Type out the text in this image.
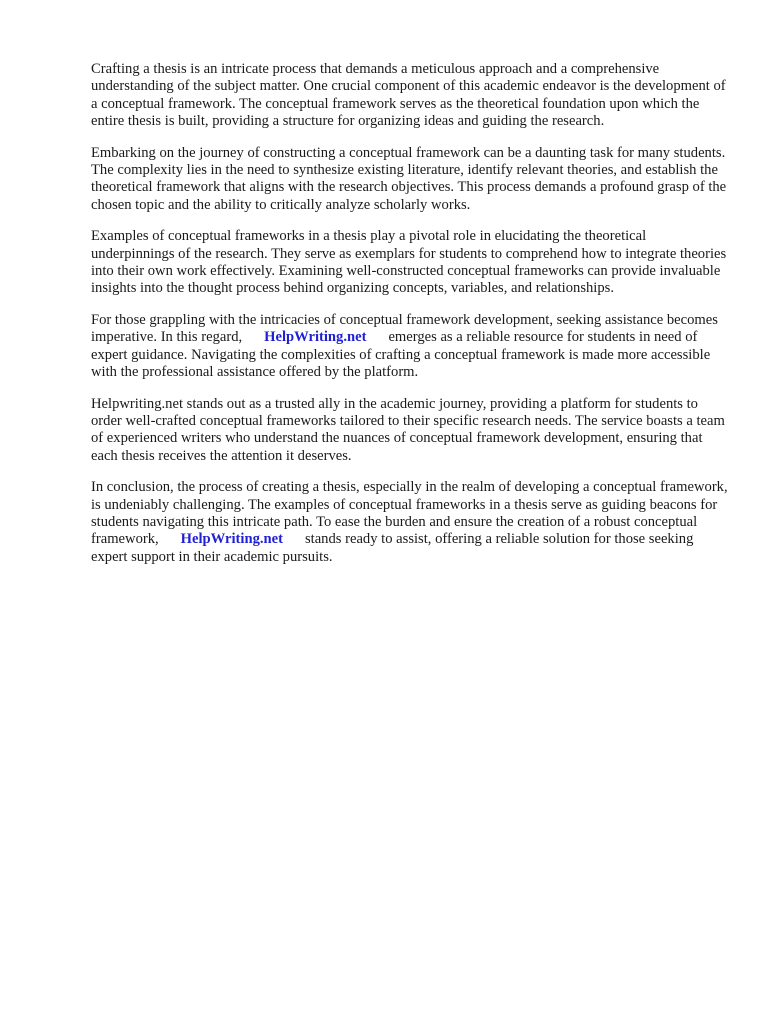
Crafting a thesis is an intricate process that demands a meticulous approach and a comprehensive understanding of the subject matter. One crucial component of this academic endeavor is the development of a conceptual framework. The conceptual framework serves as the theoretical foundation upon which the entire thesis is built, providing a structure for organizing ideas and guiding the research.

Embarking on the journey of constructing a conceptual framework can be a daunting task for many students. The complexity lies in the need to synthesize existing literature, identify relevant theories, and establish the theoretical framework that aligns with the research objectives. This process demands a profound grasp of the chosen topic and the ability to critically analyze scholarly works.

Examples of conceptual frameworks in a thesis play a pivotal role in elucidating the theoretical underpinnings of the research. They serve as exemplars for students to comprehend how to integrate theories into their own work effectively. Examining well-constructed conceptual frameworks can provide invaluable insights into the thought process behind organizing concepts, variables, and relationships.

For those grappling with the intricacies of conceptual framework development, seeking assistance becomes imperative. In this regard, HelpWriting.net emerges as a reliable resource for students in need of expert guidance. Navigating the complexities of crafting a conceptual framework is made more accessible with the professional assistance offered by the platform.

Helpwriting.net stands out as a trusted ally in the academic journey, providing a platform for students to order well-crafted conceptual frameworks tailored to their specific research needs. The service boasts a team of experienced writers who understand the nuances of conceptual framework development, ensuring that each thesis receives the attention it deserves.

In conclusion, the process of creating a thesis, especially in the realm of developing a conceptual framework, is undeniably challenging. The examples of conceptual frameworks in a thesis serve as guiding beacons for students navigating this intricate path. To ease the burden and ensure the creation of a robust conceptual framework, HelpWriting.net stands ready to assist, offering a reliable solution for those seeking expert support in their academic pursuits.
